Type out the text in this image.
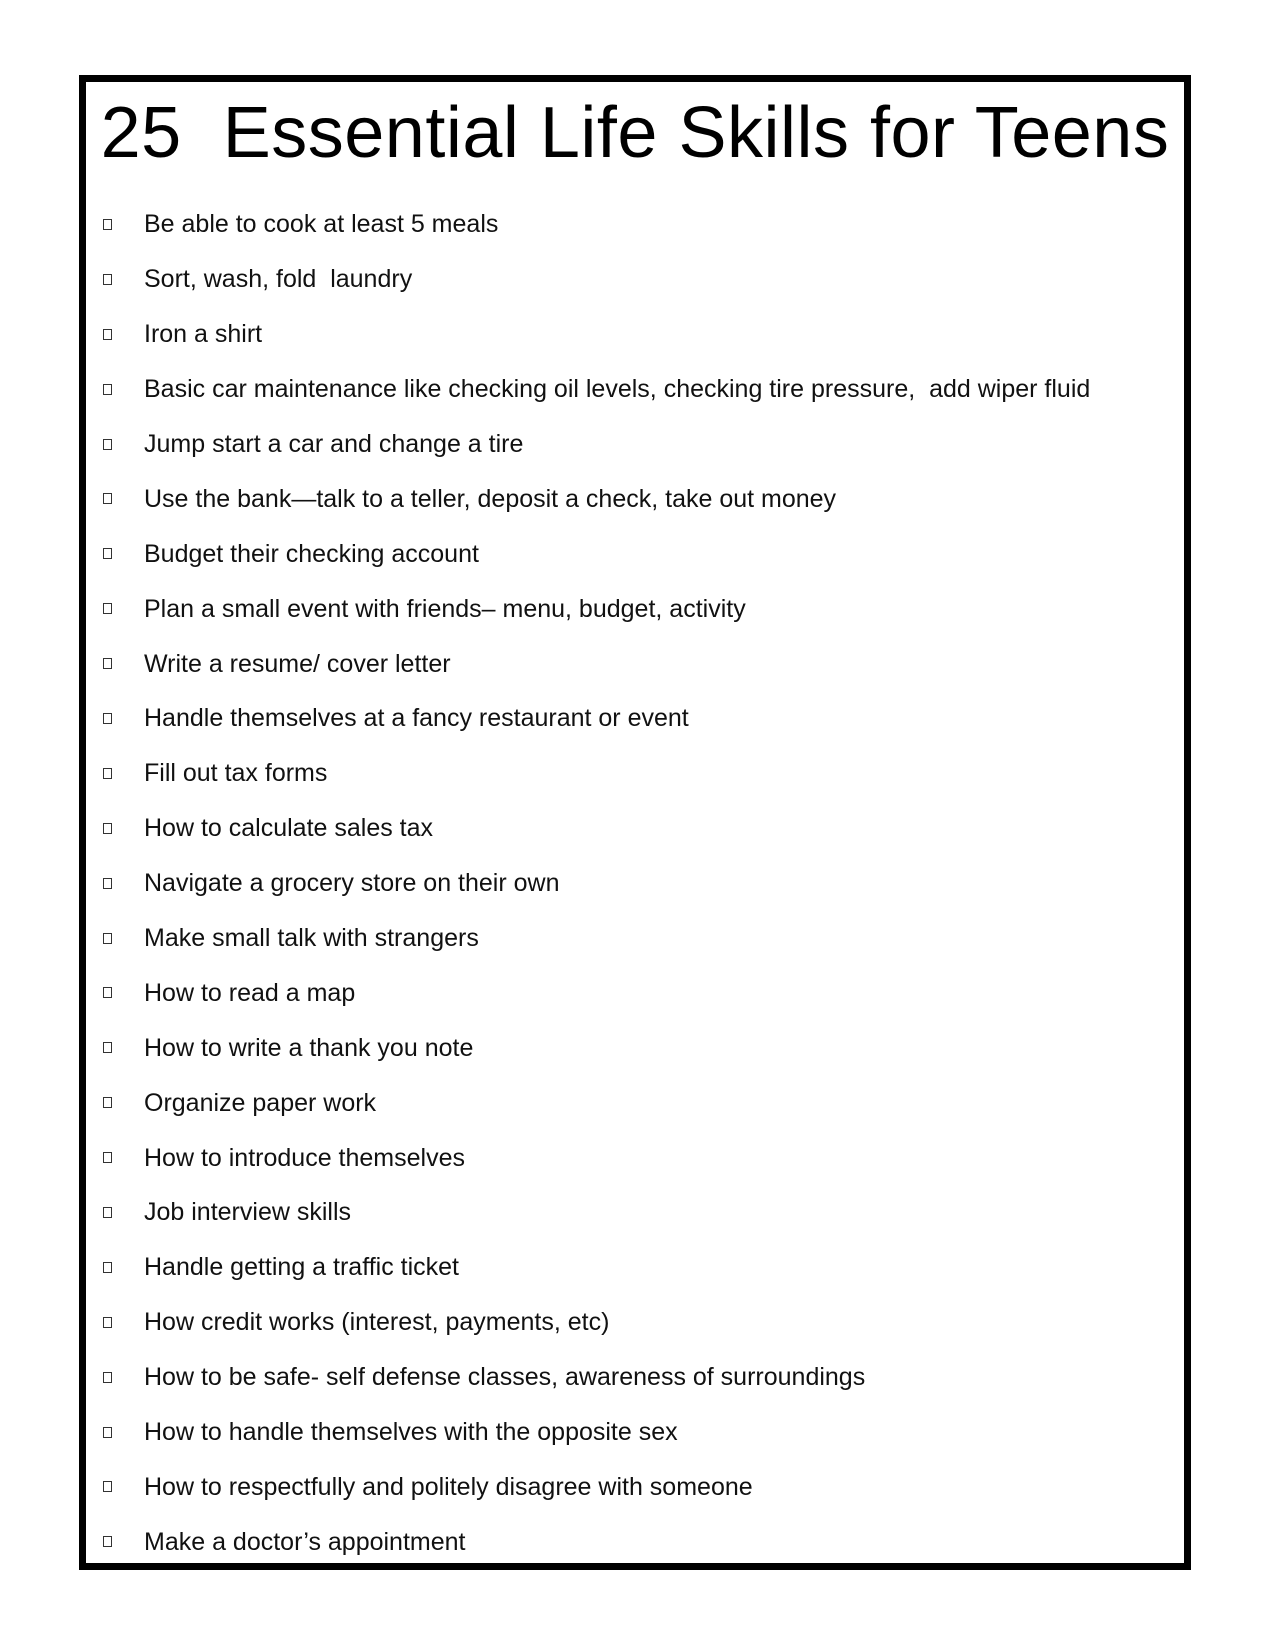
25  Essential Life Skills for Teens
Be able to cook at least 5 meals
Sort, wash, fold  laundry
Iron a shirt
Basic car maintenance like checking oil levels, checking tire pressure,  add wiper fluid
Jump start a car and change a tire
Use the bank—talk to a teller, deposit a check, take out money
Budget their checking account
Plan a small event with friends– menu, budget, activity
Write a resume/ cover letter
Handle themselves at a fancy restaurant or event
Fill out tax forms
How to calculate sales tax
Navigate a grocery store on their own
Make small talk with strangers
How to read a map
How to write a thank you note
Organize paper work
How to introduce themselves
Job interview skills
Handle getting a traffic ticket
How credit works (interest, payments, etc)
How to be safe- self defense classes, awareness of surroundings
How to handle themselves with the opposite sex
How to respectfully and politely disagree with someone
Make a doctor’s appointment
